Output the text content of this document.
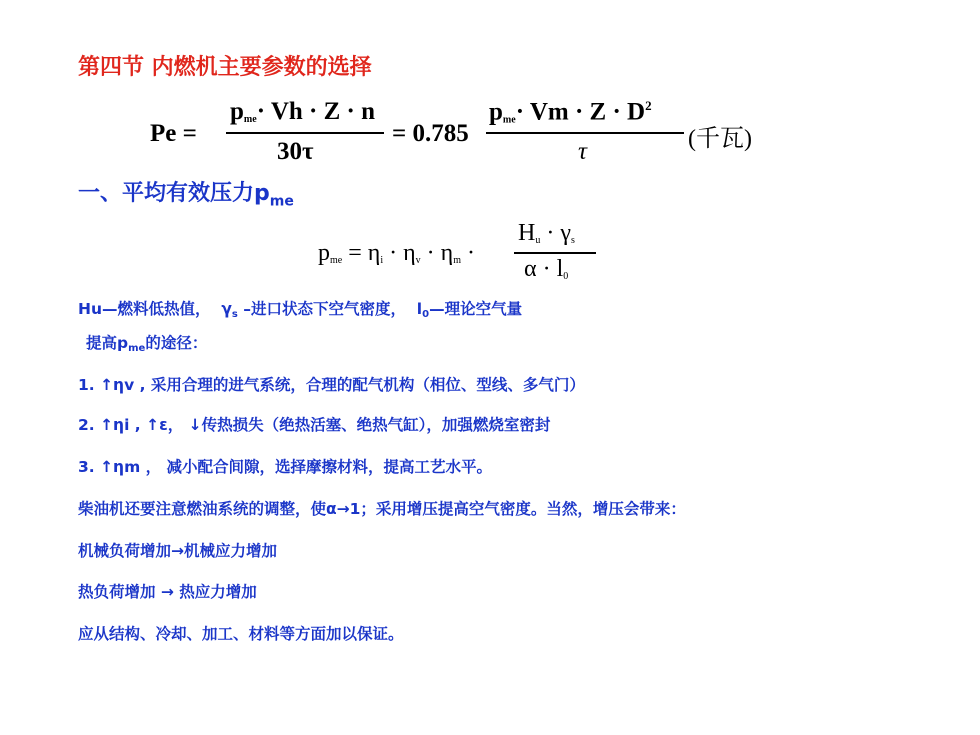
第四节 内燃机主要参数的选择
Pe =
$p_{me}\cdot Vh \cdot Z \cdot n$
30τ
= 0.785
$p_{me}\cdot Vm \cdot Z \cdot D^2$
τ	(千瓦)
一、平均有效压力$p_{me}$
$p_{me} = \eta_i \cdot \eta_v \cdot \eta_m$ ·
$H_u \cdot \gamma_s$
$\alpha \cdot l_0$
Hu—燃料低热值， $\gamma_s$ –进口状态下空气密度， $l_0—$理论空气量
提高$p_{me}$的途径：
1. ↑ηv , 采用合理的进气系统，合理的配气机构（相位、型线、多气门）
2. ↑ηi , ↑ε， ↓传热损失（绝热活塞、绝热气缸），加强燃烧室密封
3. ↑ηm ， 减小配合间隙，选择摩擦材料，提高工艺水平。
柴油机还要注意燃油系统的调整，使α→1；采用增压提高空气密度。当然，增压会带来：
机械负荷增加→机械应力增加
热负荷增加 → 热应力增加
应从结构、冷却、加工、材料等方面加以保证。
